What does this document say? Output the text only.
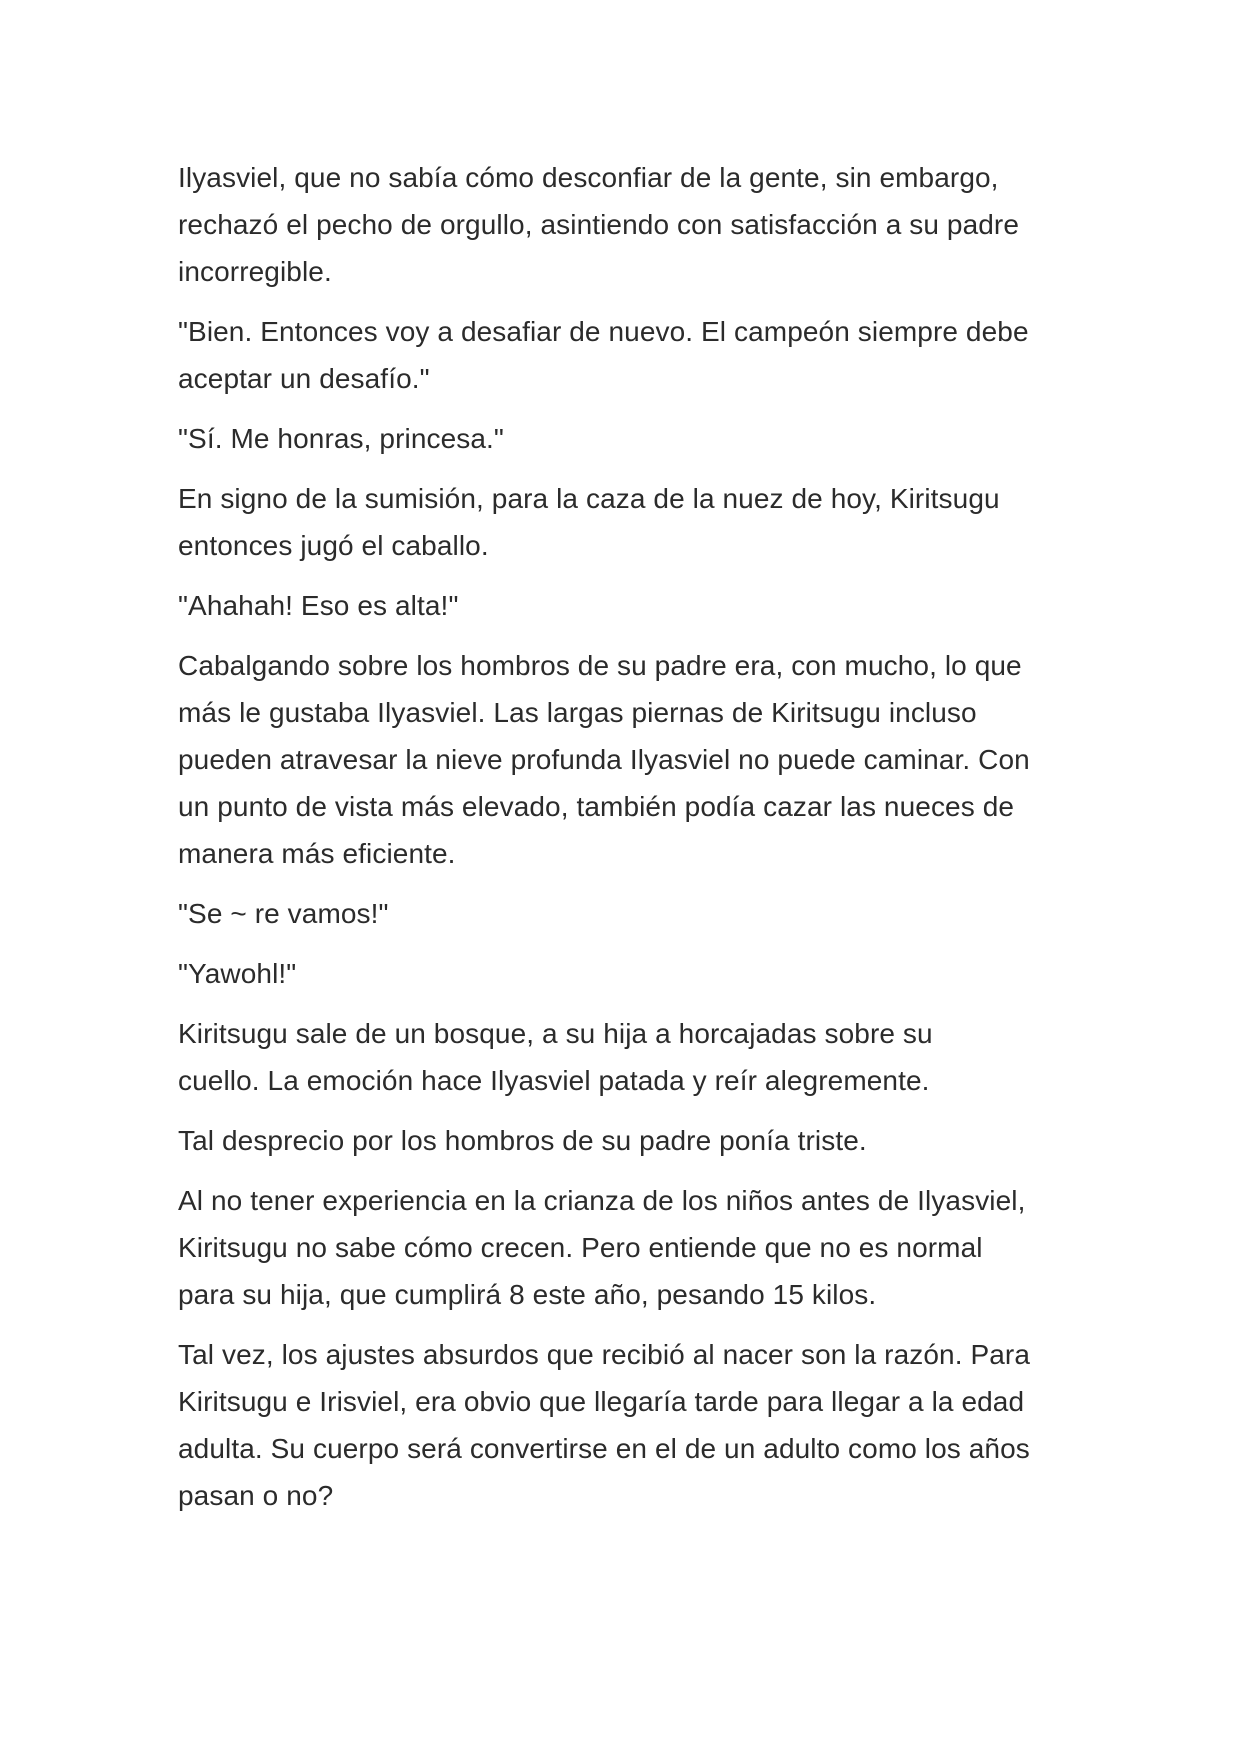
Ilyasviel, que no sabía cómo desconfiar de la gente, sin embargo,
rechazó el pecho de orgullo, asintiendo con satisfacción a su padre
incorregible.
"Bien. Entonces voy a desafiar de nuevo. El campeón siempre debe
aceptar un desafío."
"Sí. Me honras, princesa."
En signo de la sumisión, para la caza de la nuez de hoy, Kiritsugu
entonces jugó el caballo.
"Ahahah! Eso es alta!"
Cabalgando sobre los hombros de su padre era, con mucho, lo que
más le gustaba Ilyasviel. Las largas piernas de Kiritsugu incluso
pueden atravesar la nieve profunda Ilyasviel no puede caminar. Con
un punto de vista más elevado, también podía cazar las nueces de
manera más eficiente.
"Se ~ re vamos!"
"Yawohl!"
Kiritsugu sale de un bosque, a su hija a horcajadas sobre su
cuello. La emoción hace Ilyasviel patada y reír alegremente.
Tal desprecio por los hombros de su padre ponía triste.
Al no tener experiencia en la crianza de los niños antes de Ilyasviel,
Kiritsugu no sabe cómo crecen. Pero entiende que no es normal
para su hija, que cumplirá 8 este año, pesando 15 kilos.
Tal vez, los ajustes absurdos que recibió al nacer son la razón. Para
Kiritsugu e Irisviel, era obvio que llegaría tarde para llegar a la edad
adulta. Su cuerpo será convertirse en el de un adulto como los años
pasan o no?
